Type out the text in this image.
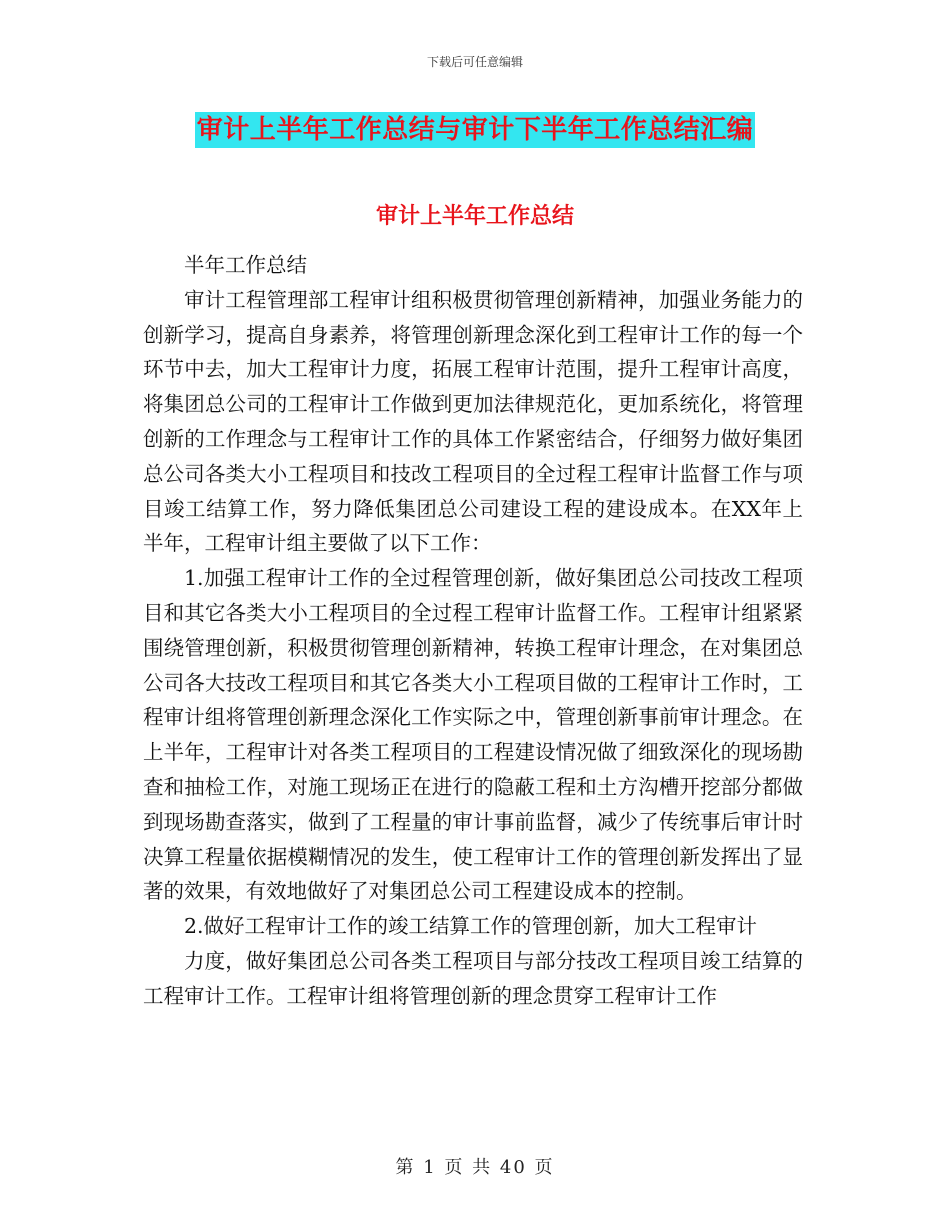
下载后可任意编辑
审计上半年工作总结与审计下半年工作总结汇编
审计上半年工作总结

半年工作总结

审计工程管理部工程审计组积极贯彻管理创新精神，加强业务能力的创新学习，提高自身素养，将管理创新理念深化到工程审计工作的每一个环节中去，加大工程审计力度，拓展工程审计范围，提升工程审计高度，将集团总公司的工程审计工作做到更加法律规范化，更加系统化，将管理创新的工作理念与工程审计工作的具体工作紧密结合，仔细努力做好集团总公司各类大小工程项目和技改工程项目的全过程工程审计监督工作与项目竣工结算工作，努力降低集团总公司建设工程的建设成本。在XX年上半年，工程审计组主要做了以下工作：

1.加强工程审计工作的全过程管理创新，做好集团总公司技改工程项目和其它各类大小工程项目的全过程工程审计监督工作。工程审计组紧紧围绕管理创新，积极贯彻管理创新精神，转换工程审计理念，在对集团总公司各大技改工程项目和其它各类大小工程项目做的工程审计工作时，工程审计组将管理创新理念深化工作实际之中，管理创新事前审计理念。在上半年，工程审计对各类工程项目的工程建设情况做了细致深化的现场勘查和抽检工作，对施工现场正在进行的隐蔽工程和土方沟槽开挖部分都做到现场勘查落实，做到了工程量的审计事前监督，减少了传统事后审计时决算工程量依据模糊情况的发生，使工程审计工作的管理创新发挥出了显著的效果，有效地做好了对集团总公司工程建设成本的控制。

2.做好工程审计工作的竣工结算工作的管理创新，加大工程审计

力度，做好集团总公司各类工程项目与部分技改工程项目竣工结算的工程审计工作。工程审计组将管理创新的理念贯穿工程审计工作

第 1 页 共 40 页
